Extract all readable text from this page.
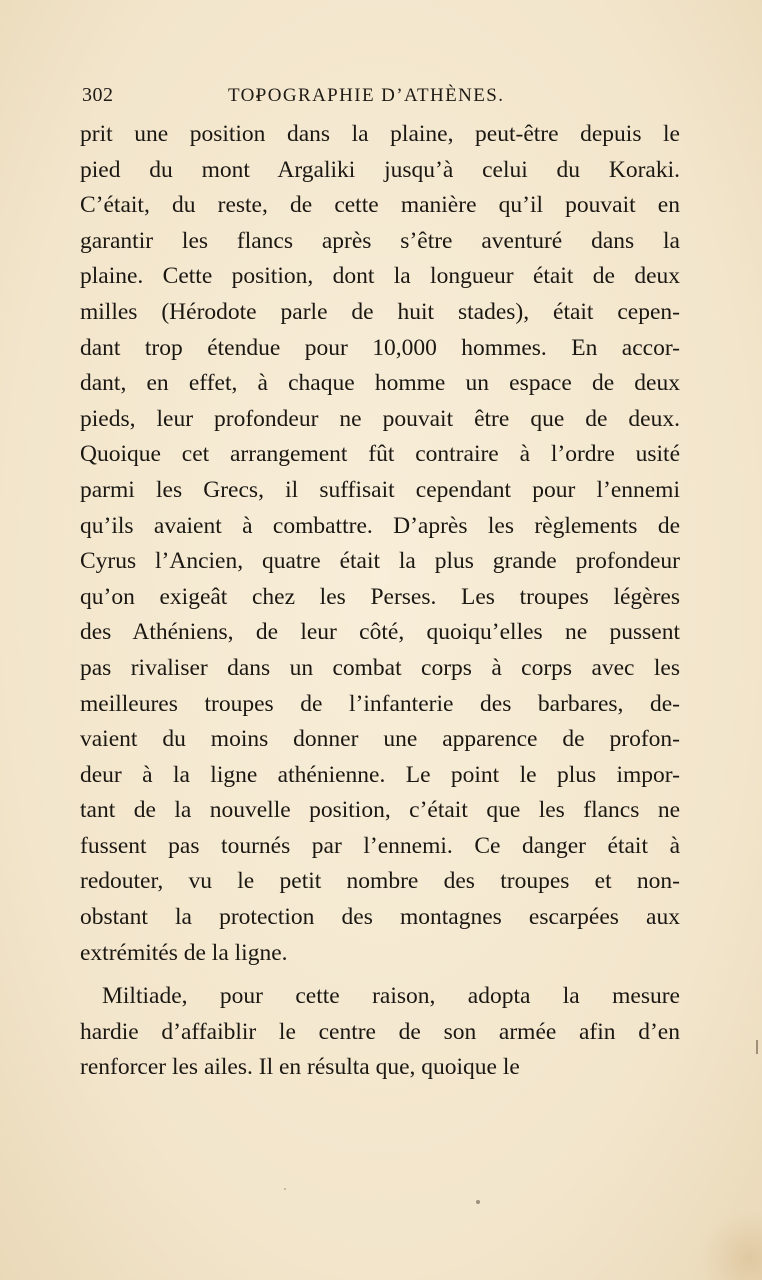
302	TOPOGRAPHIE D’ATHÈNES.
prit une position dans la plaine, peut-être depuis le
pied du mont Argaliki jusqu’à celui du Koraki.
C’était, du reste, de cette manière qu’il pouvait en
garantir les flancs après s’être aventuré dans la
plaine. Cette position, dont la longueur était de deux
milles (Hérodote parle de huit stades), était cepen-
dant trop étendue pour 10,000 hommes. En accor-
dant, en effet, à chaque homme un espace de deux
pieds, leur profondeur ne pouvait être que de deux.
Quoique cet arrangement fût contraire à l’ordre usité
parmi les Grecs, il suffisait cependant pour l’ennemi
qu’ils avaient à combattre. D’après les règlements de
Cyrus l’Ancien, quatre était la plus grande profondeur
qu’on exigeât chez les Perses. Les troupes légères
des Athéniens, de leur côté, quoiqu’elles ne pussent
pas rivaliser dans un combat corps à corps avec les
meilleures troupes de l’infanterie des barbares, de-
vaient du moins donner une apparence de profon-
deur à la ligne athénienne. Le point le plus impor-
tant de la nouvelle position, c’était que les flancs ne
fussent pas tournés par l’ennemi. Ce danger était à
redouter, vu le petit nombre des troupes et non-
obstant la protection des montagnes escarpées aux
extrémités de la ligne.
Miltiade, pour cette raison, adopta la mesure
hardie d’affaiblir le centre de son armée afin d’en
renforcer les ailes. Il en résulta que, quoique le
